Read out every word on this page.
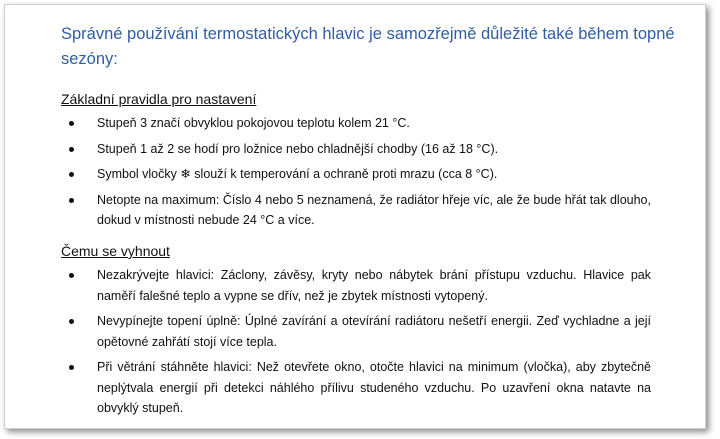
Správné používání termostatických hlavic je samozřejmě důležité také během topné sezóny:
Základní pravidla pro nastavení
Stupeň 3 značí obvyklou pokojovou teplotu kolem 21 °C.
Stupeň 1 až 2 se hodí pro ložnice nebo chladnější chodby (16 až 18 °C).
Symbol vločky ❄ slouží k temperování a ochraně proti mrazu (cca 8 °C).
Netopte na maximum: Číslo 4 nebo 5 neznamená, že radiátor hřeje víc, ale že bude hřát tak dlouho, dokud v místnosti nebude 24 °C a více.
Čemu se vyhnout
Nezakrývejte hlavici: Záclony, závěsy, kryty nebo nábytek brání přístupu vzduchu. Hlavice pak naměří falešné teplo a vypne se dřív, než je zbytek místnosti vytopený.
Nevypínejte topení úplně: Úplné zavírání a otevírání radiátoru nešetří energii. Zeď vychladne a její opětovné zahřátí stojí více tepla.
Při větrání stáhněte hlavici: Než otevřete okno, otočte hlavici na minimum (vločka), aby zbytečně neplýtvala energií při detekci náhlého přílivu studeného vzduchu. Po uzavření okna natavte na obvyklý stupeň.
